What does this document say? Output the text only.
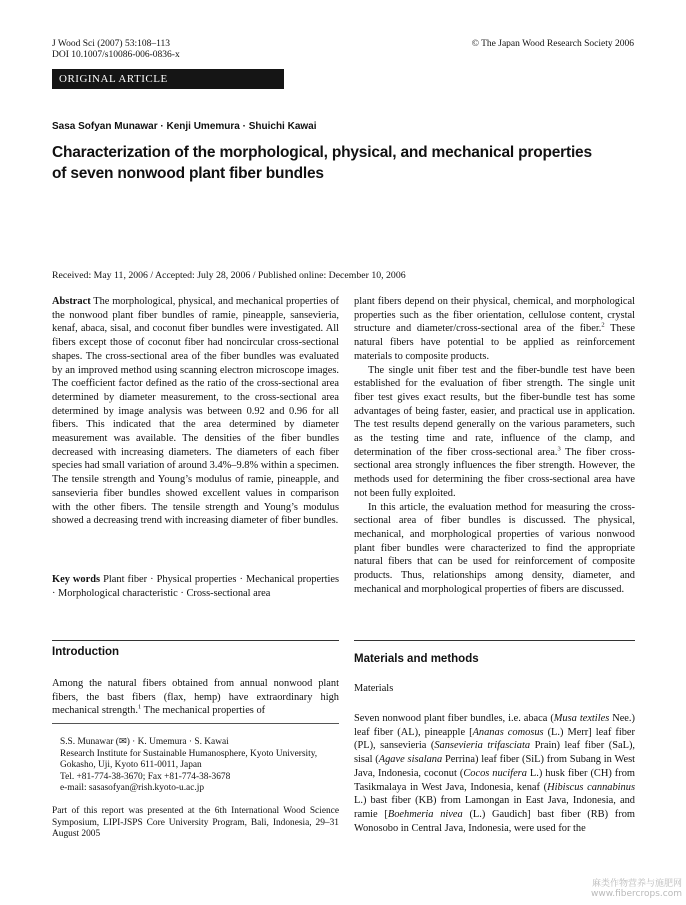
J Wood Sci (2007) 53:108–113
DOI 10.1007/s10086-006-0836-x
© The Japan Wood Research Society 2006
ORIGINAL ARTICLE
Sasa Sofyan Munawar · Kenji Umemura · Shuichi Kawai
Characterization of the morphological, physical, and mechanical properties
of seven nonwood plant fiber bundles
Received: May 11, 2006 / Accepted: July 28, 2006 / Published online: December 10, 2006

Abstract The morphological, physical, and mechanical properties of the nonwood plant fiber bundles of ramie, pineapple, sansevieria, kenaf, abaca, sisal, and coconut fiber bundles were investigated. All fibers except those of coconut fiber had noncircular cross-sectional shapes. The cross-sectional area of the fiber bundles was evaluated by an improved method using scanning electron microscope images. The coefficient factor defined as the ratio of the cross-sectional area determined by diameter measurement, to the cross-sectional area determined by image analysis was between 0.92 and 0.96 for all fibers. This indicated that the area determined by diameter measurement was available. The densities of the fiber bundles decreased with increasing diameters. The diameters of each fiber species had small variation of around 3.4%–9.8% within a specimen. The tensile strength and Young’s modulus of ramie, pineapple, and sansevieria fiber bundles showed excellent values in comparison with the other fibers. The tensile strength and Young’s modulus showed a decreasing trend with increasing diameter of fiber bundles.

Key words Plant fiber · Physical properties · Mechanical properties · Morphological characteristic · Cross-sectional area

Introduction

Among the natural fibers obtained from annual nonwood plant fibers, the bast fibers (flax, hemp) have extraordinary high mechanical strength.$^1$ The mechanical properties of

S.S. Munawar (✉) · K. Umemura · S. Kawai
Research Institute for Sustainable Humanosphere, Kyoto University,
Gokasho, Uji, Kyoto 611-0011, Japan
Tel. +81-774-38-3670; Fax +81-774-38-3678
e-mail: sasasofyan@rish.kyoto-u.ac.jp
Part of this report was presented at the 6th International Wood Science Symposium, LIPI-JSPS Core University Program, Bali, Indonesia, 29–31 August 2005

plant fibers depend on their physical, chemical, and morphological properties such as the fiber orientation, cellulose content, crystal structure and diameter/cross-sectional area of the fiber.$^2$ These natural fibers have potential to be applied as reinforcement materials to composite products.

The single unit fiber test and the fiber-bundle test have been established for the evaluation of fiber strength. The single unit fiber test gives exact results, but the fiber-bundle test has some advantages of being faster, easier, and practical use in application. The test results depend generally on the various parameters, such as the testing time and rate, influence of the clamp, and determination of the fiber cross-sectional area.$^3$ The fiber cross-sectional area strongly influences the fiber strength. However, the methods used for determining the fiber cross-sectional area have not been fully exploited.

In this article, the evaluation method for measuring the cross-sectional area of fiber bundles is discussed. The physical, mechanical, and morphological properties of various nonwood plant fiber bundles were characterized to find the appropriate natural fibers that can be used for reinforcement of composite products. Thus, relationships among density, diameter, and mechanical and morphological properties of fibers are discussed.

Materials and methods
Materials

Seven nonwood plant fiber bundles, i.e. abaca (Musa textiles Nee.) leaf fiber (AL), pineapple [Ananas comosus (L.) Merr] leaf fiber (PL), sansevieria (Sansevieria trifasciata Prain) leaf fiber (SaL), sisal (Agave sisalana Perrina) leaf fiber (SiL) from Subang in West Java, Indonesia, coconut (Cocos nucifera L.) husk fiber (CH) from Tasikmalaya in West Java, Indonesia, kenaf (Hibiscus cannabinus L.) bast fiber (KB) from Lamongan in East Java, Indonesia, and ramie [Boehmeria nivea (L.) Gaudich] bast fiber (RB) from Wonosobo in Central Java, Indonesia, were used for the

麻类作物营养与施肥网
www.fibercrops.com
